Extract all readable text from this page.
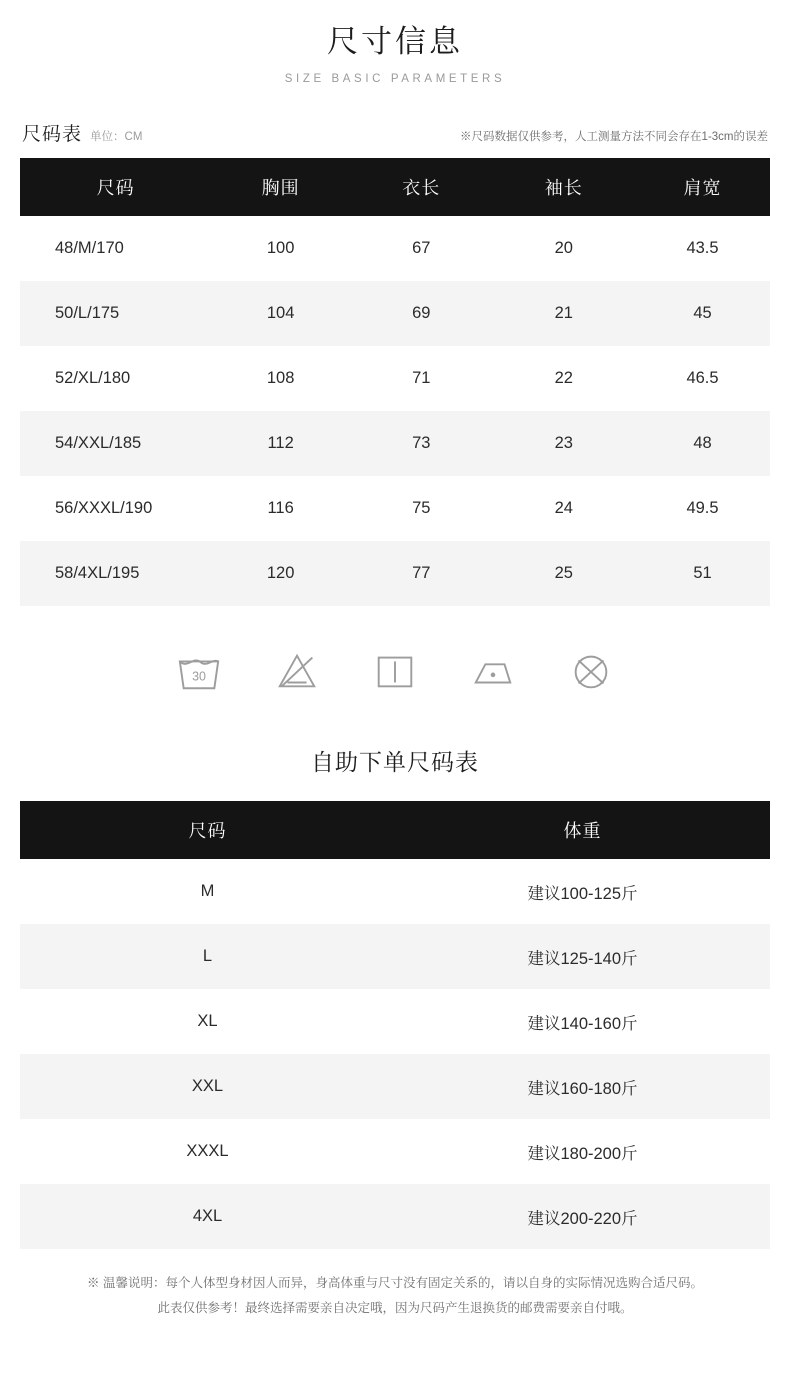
尺寸信息
SIZE BASIC PARAMETERS
尺码表 单位：CM	※尺码数据仅供参考，人工测量方法不同会存在1-3cm的误差
尺码	胸围	衣长	袖长	肩宽
48/M/170	100	67	20	43.5
50/L/175	104	69	21	45
52/XL/180	108	71	22	46.5
54/XXL/185	112	73	23	48
56/XXXL/190	116	75	24	49.5
58/4XL/195	120	77	25	51
30
自助下单尺码表
尺码	体重
M	建议100-125斤
L	建议125-140斤
XL	建议140-160斤
XXL	建议160-180斤
XXXL	建议180-200斤
4XL	建议200-220斤
※ 温馨说明：每个人体型身材因人而异，身高体重与尺寸没有固定关系的，请以自身的实际情况选购合适尺码。
此表仅供参考！最终选择需要亲自决定哦，因为尺码产生退换货的邮费需要亲自付哦。
